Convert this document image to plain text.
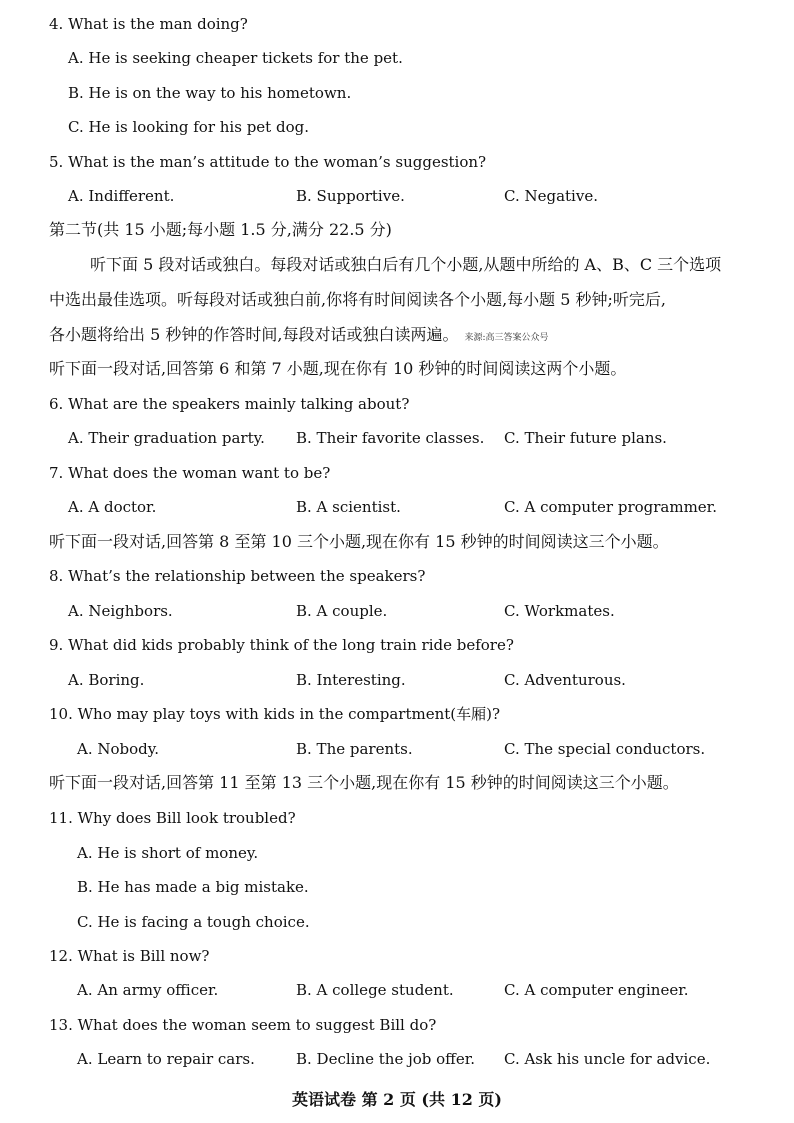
4. What is the man doing?
A. He is seeking cheaper tickets for the pet.
B. He is on the way to his hometown.
C. He is looking for his pet dog.
5. What is the man’s attitude to the woman’s suggestion?
A. Indifferent.	B. Supportive.	C. Negative.
第二节(共 15 小题;每小题 1.5 分,满分 22.5 分)
听下面 5 段对话或独白。每段对话或独白后有几个小题,从题中所给的 A、B、C 三个选项
中选出最佳选项。听每段对话或独白前,你将有时间阅读各个小题,每小题 5 秒钟;听完后,
各小题将给出 5 秒钟的作答时间,每段对话或独白读两遍。 来源:高三答案公众号
听下面一段对话,回答第 6 和第 7 小题,现在你有 10 秒钟的时间阅读这两个小题。
6. What are the speakers mainly talking about?
A. Their graduation party. B. Their favorite classes. C. Their future plans.
7. What does the woman want to be?
A. A doctor.	B. A scientist.	C. A computer programmer.
听下面一段对话,回答第 8 至第 10 三个小题,现在你有 15 秒钟的时间阅读这三个小题。
8. What’s the relationship between the speakers?
A. Neighbors.	B. A couple.	C. Workmates.
9. What did kids probably think of the long train ride before?
A. Boring.	B. Interesting.	C. Adventurous.
10. Who may play toys with kids in the compartment(车厢)?
A. Nobody.	B. The parents.	C. The special conductors.
听下面一段对话,回答第 11 至第 13 三个小题,现在你有 15 秒钟的时间阅读这三个小题。
11. Why does Bill look troubled?
A. He is short of money.
B. He has made a big mistake.
C. He is facing a tough choice.
12. What is Bill now?
A. An army officer.	B. A college student.	C. A computer engineer.
13. What does the woman seem to suggest Bill do?
A. Learn to repair cars.	B. Decline the job offer. C. Ask his uncle for advice.
英语试卷 第 2 页 (共 12 页)
